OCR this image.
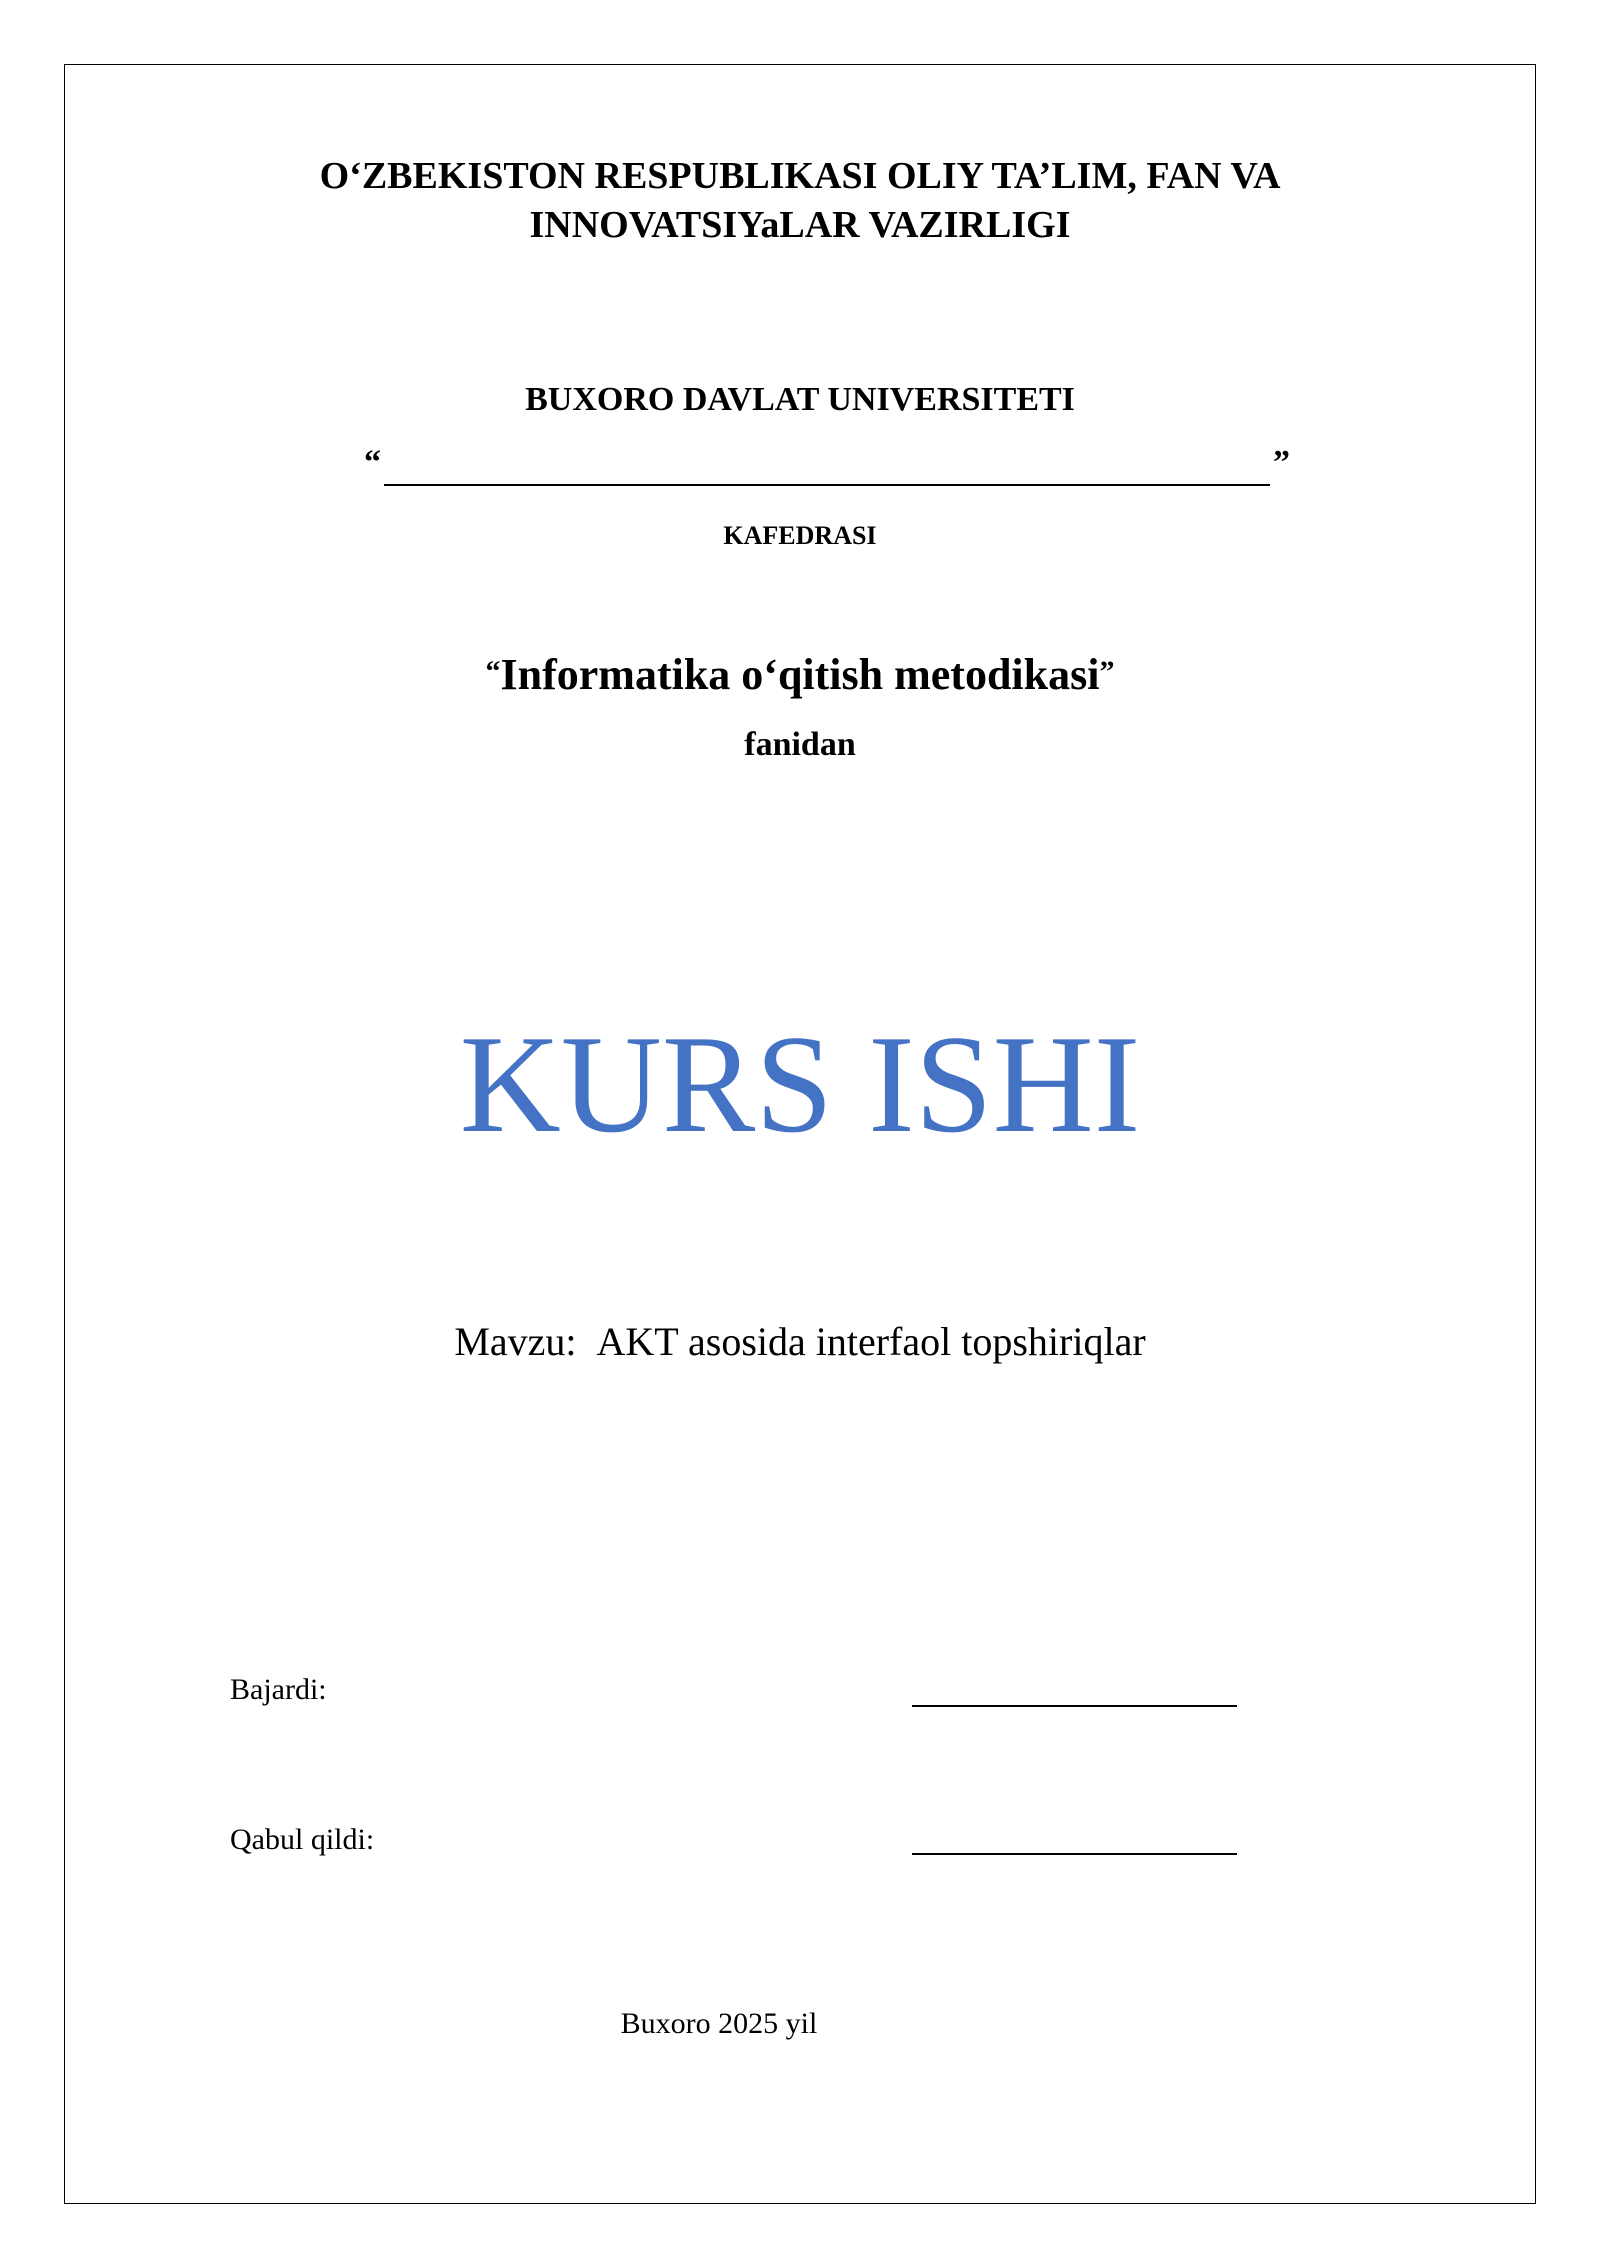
O‘ZBEKISTON RESPUBLIKASI OLIY TA’LIM, FAN VA
INNOVATSIYaLAR VAZIRLIGI
BUXORO DAVLAT UNIVERSITETI
“	”
KAFEDRASI
“Informatika o‘qitish metodikasi”
fanidan
KURS ISHI
Mavzu: AKT asosida interfaol topshiriqlar
Bajardi:
Qabul qildi:
Buxoro 2025 yil
